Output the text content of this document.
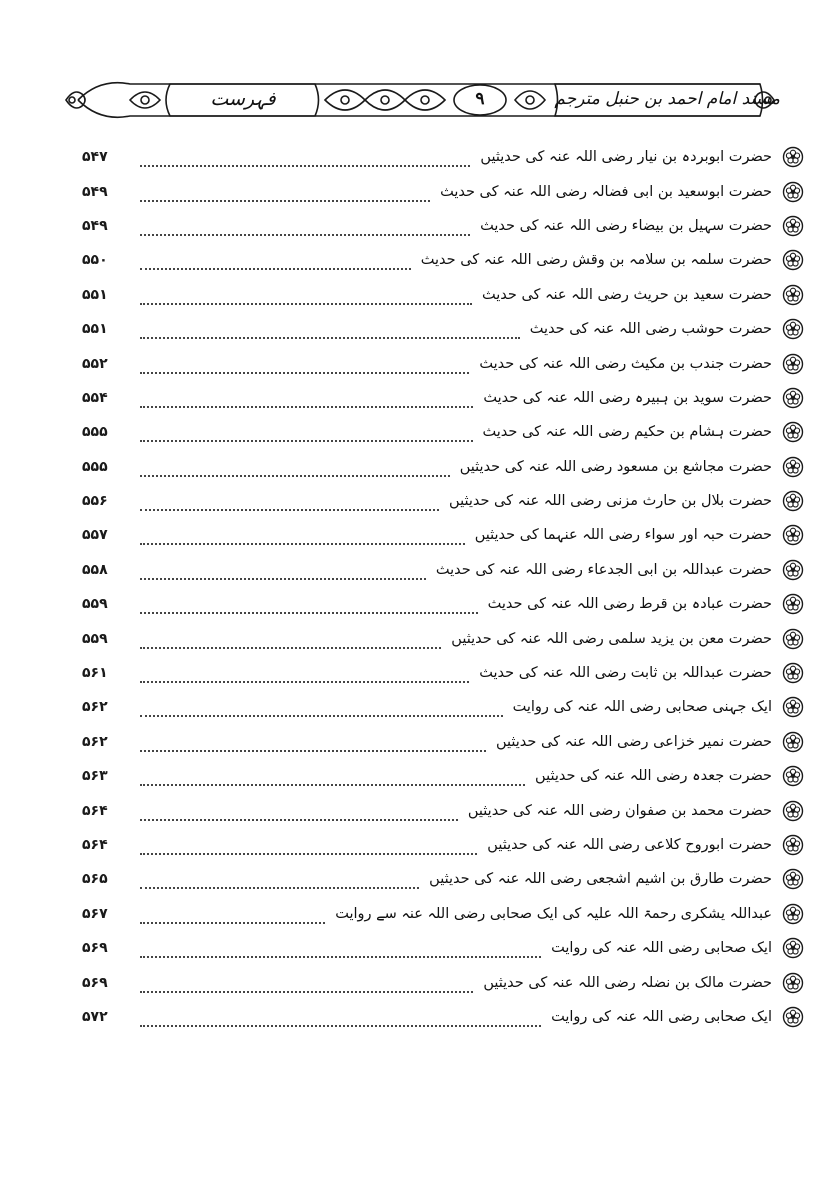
مسند امام احمد بن حنبل مترجم
۹
فہرست
حضرت ابوبردہ بن نیار رضی اللہ عنہ کی حدیثیں
۵۴۷
حضرت ابوسعید بن ابی فضالہ رضی اللہ عنہ کی حدیث
۵۴۹
حضرت سہیل بن بیضاء رضی اللہ عنہ کی حدیث
۵۴۹
حضرت سلمہ بن سلامہ بن وقش رضی اللہ عنہ کی حدیث
۵۵۰
حضرت سعید بن حریث رضی اللہ عنہ کی حدیث
۵۵۱
حضرت حوشب رضی اللہ عنہ کی حدیث
۵۵۱
حضرت جندب بن مکیث رضی اللہ عنہ کی حدیث
۵۵۲
حضرت سوید بن ہبیرہ رضی اللہ عنہ کی حدیث
۵۵۴
حضرت ہشام بن حکیم رضی اللہ عنہ کی حدیث
۵۵۵
حضرت مجاشع بن مسعود رضی اللہ عنہ کی حدیثیں
۵۵۵
حضرت بلال بن حارث مزنی رضی اللہ عنہ کی حدیثیں
۵۵۶
حضرت حبہ اور سواء رضی اللہ عنہما کی حدیثیں
۵۵۷
حضرت عبداللہ بن ابی الجدعاء رضی اللہ عنہ کی حدیث
۵۵۸
حضرت عبادہ بن قرط رضی اللہ عنہ کی حدیث
۵۵۹
حضرت معن بن یزید سلمی رضی اللہ عنہ کی حدیثیں
۵۵۹
حضرت عبداللہ بن ثابت رضی اللہ عنہ کی حدیث
۵۶۱
ایک جہنی صحابی رضی اللہ عنہ کی روایت
۵۶۲
حضرت نمیر خزاعی رضی اللہ عنہ کی حدیثیں
۵۶۲
حضرت جعدہ رضی اللہ عنہ کی حدیثیں
۵۶۳
حضرت محمد بن صفوان رضی اللہ عنہ کی حدیثیں
۵۶۴
حضرت ابوروح کلاعی رضی اللہ عنہ کی حدیثیں
۵۶۴
حضرت طارق بن اشیم اشجعی رضی اللہ عنہ کی حدیثیں
۵۶۵
عبداللہ یشکری رحمۃ اللہ علیہ کی ایک صحابی رضی اللہ عنہ سے روایت
۵۶۷
ایک صحابی رضی اللہ عنہ کی روایت
۵۶۹
حضرت مالک بن نضلہ رضی اللہ عنہ کی حدیثیں
۵۶۹
ایک صحابی رضی اللہ عنہ کی روایت
۵۷۲
